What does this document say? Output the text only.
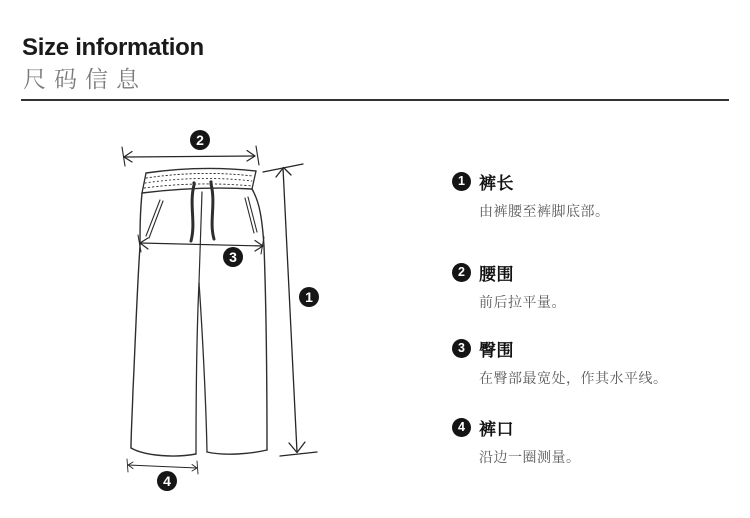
Size information
尺码信息
2
3
1
4
1 裤长
由裤腰至裤脚底部。
2 腰围
前后拉平量。
3 臀围
在臀部最宽处，作其水平线。
4 裤口
沿边一圈测量。
